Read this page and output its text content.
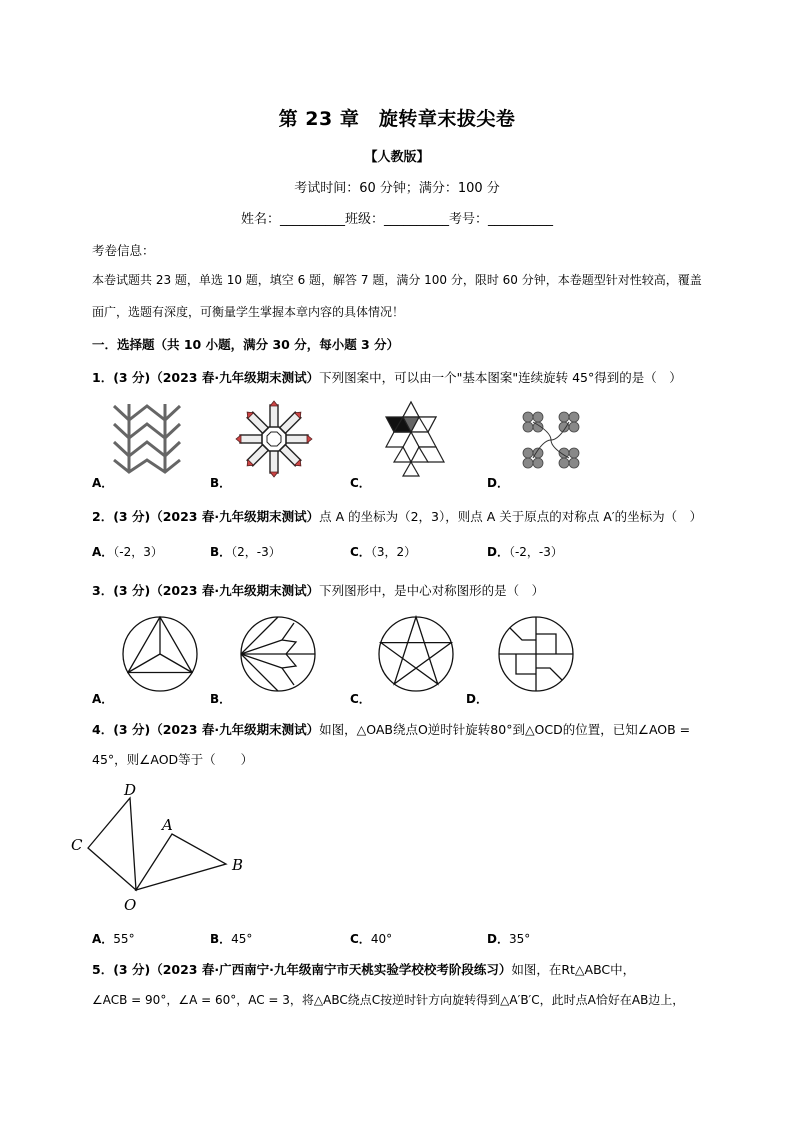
第 23 章　旋转章末拔尖卷
【人教版】
考试时间：60 分钟；满分：100 分
姓名：__________班级：__________考号：__________
考卷信息：
本卷试题共 23 题，单选 10 题，填空 6 题，解答 7 题，满分 100 分，限时 60 分钟，本卷题型针对性较高，覆盖
面广，选题有深度，可衡量学生掌握本章内容的具体情况！
一．选择题（共 10 小题，满分 30 分，每小题 3 分）
1．(3 分)（2023 春·九年级期末测试）下列图案中，可以由一个"基本图案"连续旋转 45°得到的是（　）
A．	B．	C．	D．
2．(3 分)（2023 春·九年级期末测试）点 A 的坐标为（2，3），则点 A 关于原点的对称点 A′的坐标为（　）
A．（-2，3）	B．（2，-3）	C．（3，2）	D．（-2，-3）
3．(3 分)（2023 春·九年级期末测试）下列图形中，是中心对称图形的是（　）
A．	B．	C．	D．
4．(3 分)（2023 春·九年级期末测试）如图，△OAB绕点O逆时针旋转80°到△OCD的位置，已知∠AOB =
45°，则∠AOD等于（　　）
D
C
A
B
O
A．55°	B．45°	C．40°	D．35°
5．(3 分)（2023 春·广西南宁·九年级南宁市天桃实验学校校考阶段练习）如图，在Rt△ABC中，
∠ACB = 90°，∠A = 60°，AC = 3，将△ABC绕点C按逆时针方向旋转得到△A′B′C，此时点A恰好在AB边上，
